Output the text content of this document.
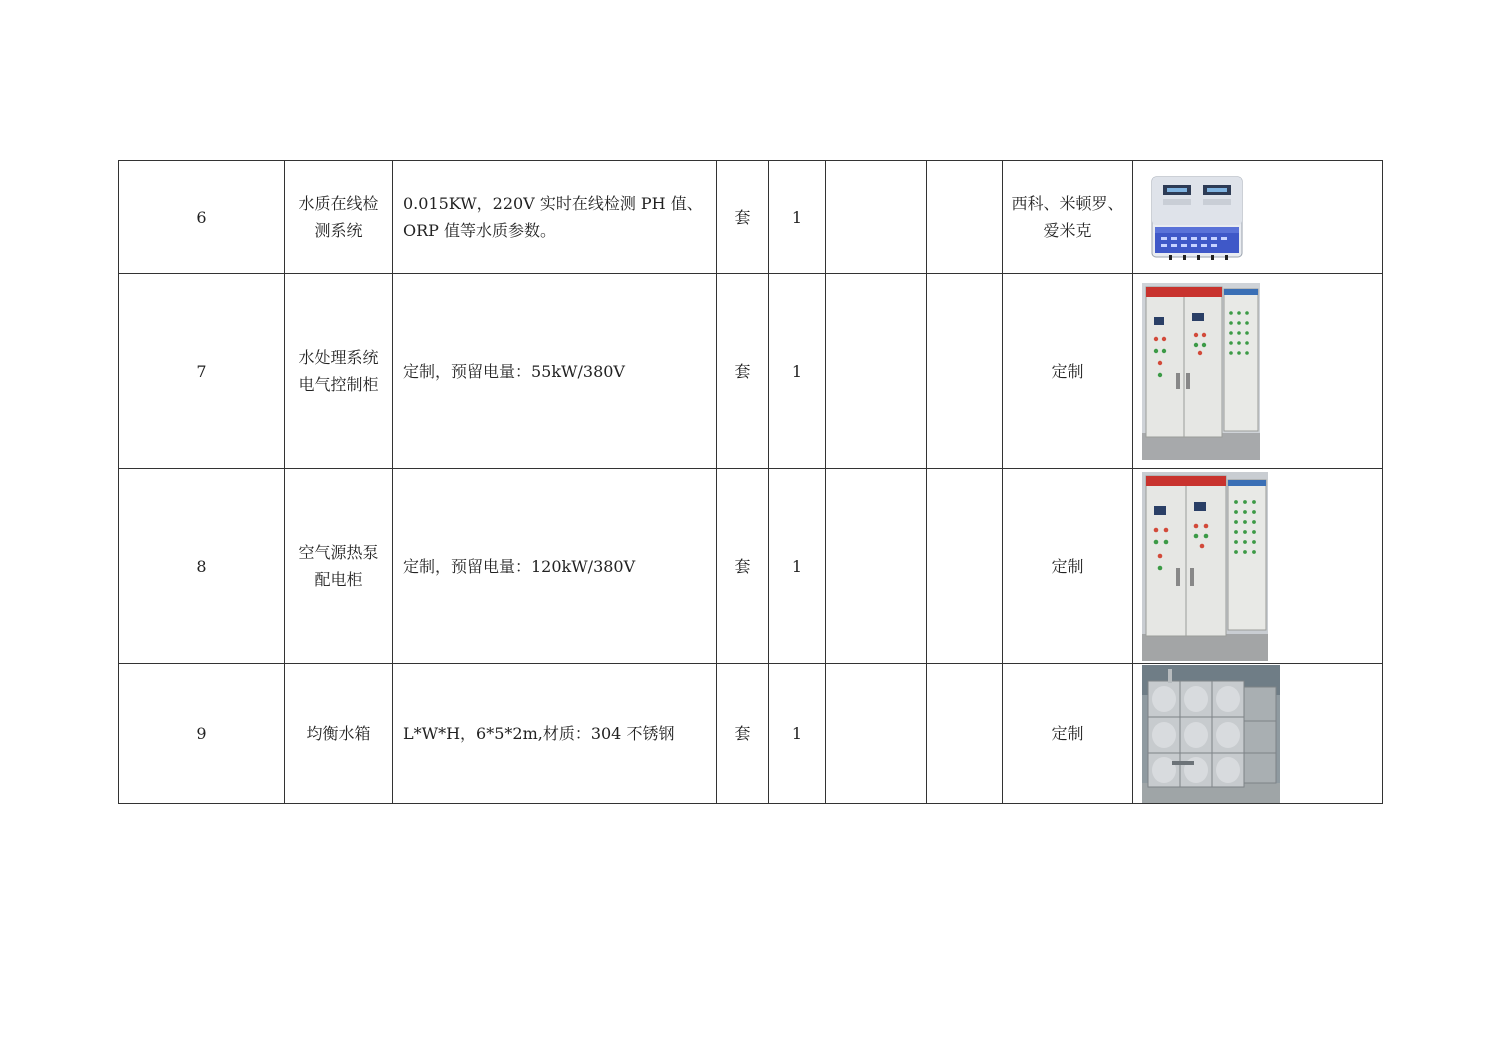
6	水质在线检测系统	0.015KW，220V 实时在线检测 PH 值、ORP 值等水质参数。	套	1			西科、米顿罗、爱米克	

7	水处理系统电气控制柜	定制，预留电量：55kW/380V	套	1			定制	

8	空气源热泵配电柜	定制，预留电量：120kW/380V	套	1			定制	

9	均衡水箱	L*W*H，6*5*2m,材质：304 不锈钢	套	1			定制	
